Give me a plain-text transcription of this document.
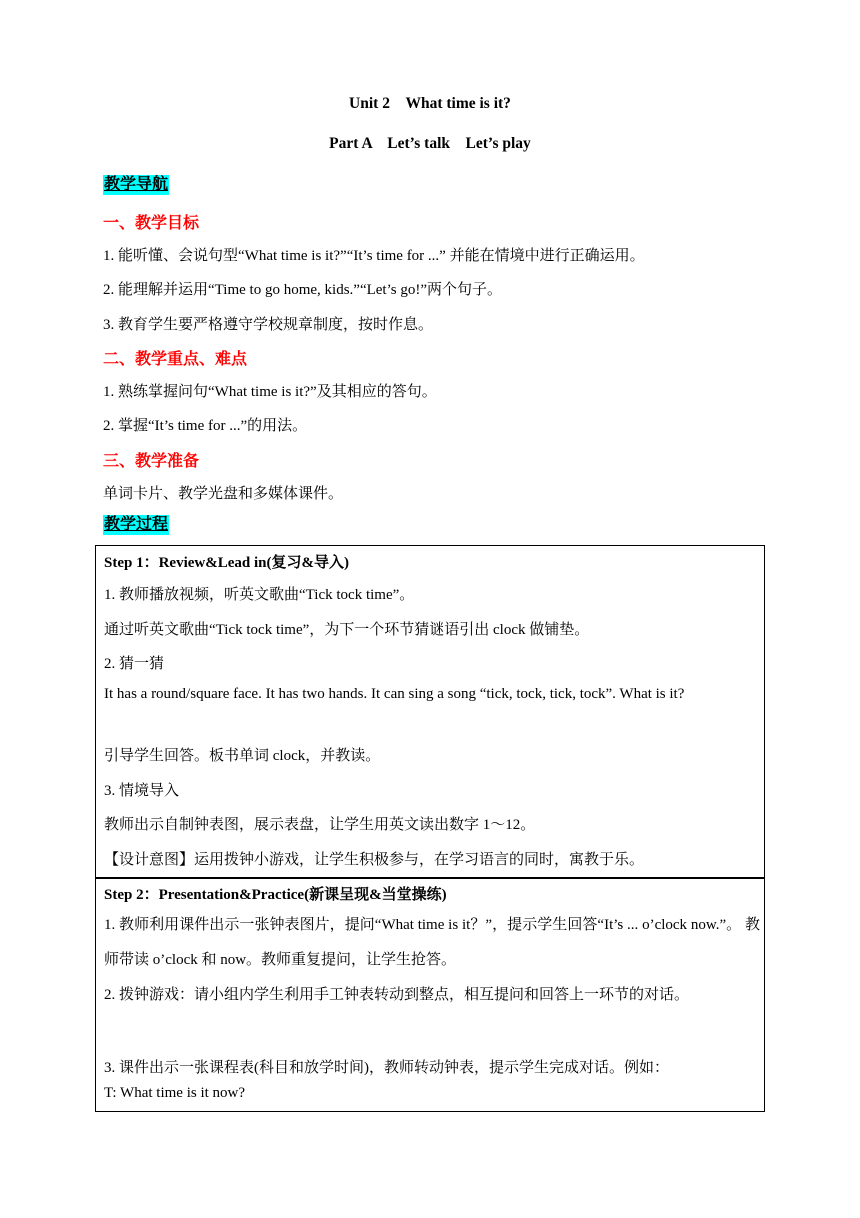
Unit 2　What time is it?
Part A　Let’s talk　Let’s play
教学导航
一、教学目标
1. 能听懂、会说句型“What time is it?”“It’s time for ...” 并能在情境中进行正确运用。
2. 能理解并运用“Time to go home, kids.”“Let’s go!”两个句子。
3. 教育学生要严格遵守学校规章制度，按时作息。
二、教学重点、难点
1. 熟练掌握问句“What time is it?”及其相应的答句。
2. 掌握“It’s time for ...”的用法。
三、教学准备
单词卡片、教学光盘和多媒体课件。
教学过程
Step 1：Review&Lead in(复习&导入)
1. 教师播放视频，听英文歌曲“Tick tock time”。
通过听英文歌曲“Tick tock time”，为下一个环节猜谜语引出 clock 做铺垫。
2. 猜一猜
It has a round/square face. It has two hands. It can sing a song “tick, tock, tick, tock”. What is it?
引导学生回答。板书单词 clock，并教读。
3. 情境导入
教师出示自制钟表图，展示表盘，让学生用英文读出数字 1～12。
【设计意图】运用拨钟小游戏，让学生积极参与，在学习语言的同时，寓教于乐。
Step 2：Presentation&Practice(新课呈现&当堂操练)
1. 教师利用课件出示一张钟表图片，提问“What time is it？”，提示学生回答“It’s ... o’clock now.”。 教师带读 o’clock 和 now。教师重复提问，让学生抢答。
2. 拨钟游戏：请小组内学生利用手工钟表转动到整点，相互提问和回答上一环节的对话。
3. 课件出示一张课程表(科目和放学时间)，教师转动钟表，提示学生完成对话。例如：
T: What time is it now?
